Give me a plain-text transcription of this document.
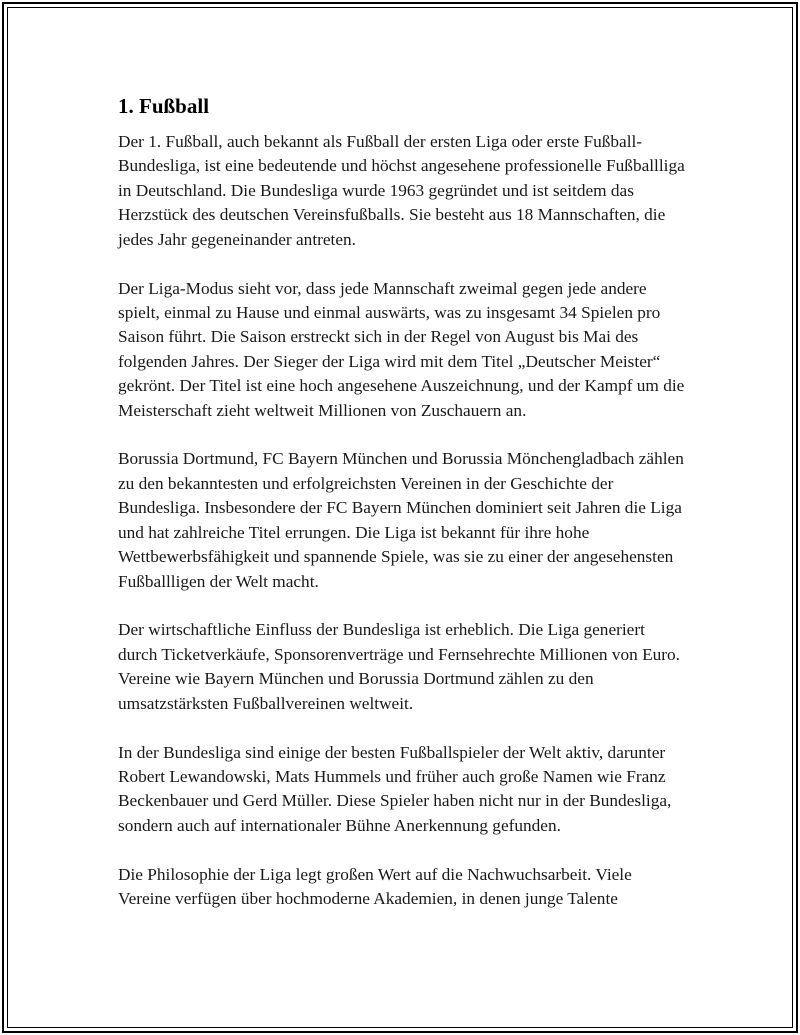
1. Fußball

Der 1. Fußball, auch bekannt als Fußball der ersten Liga oder erste Fußball-Bundesliga, ist eine bedeutende und höchst angesehene professionelle Fußballliga in Deutschland. Die Bundesliga wurde 1963 gegründet und ist seitdem das Herzstück des deutschen Vereinsfußballs. Sie besteht aus 18 Mannschaften, die jedes Jahr gegeneinander antreten.

Der Liga-Modus sieht vor, dass jede Mannschaft zweimal gegen jede andere spielt, einmal zu Hause und einmal auswärts, was zu insgesamt 34 Spielen pro Saison führt. Die Saison erstreckt sich in der Regel von August bis Mai des folgenden Jahres. Der Sieger der Liga wird mit dem Titel „Deutscher Meister“ gekrönt. Der Titel ist eine hoch angesehene Auszeichnung, und der Kampf um die Meisterschaft zieht weltweit Millionen von Zuschauern an.

Borussia Dortmund, FC Bayern München und Borussia Mönchengladbach zählen zu den bekanntesten und erfolgreichsten Vereinen in der Geschichte der Bundesliga. Insbesondere der FC Bayern München dominiert seit Jahren die Liga und hat zahlreiche Titel errungen. Die Liga ist bekannt für ihre hohe Wettbewerbsfähigkeit und spannende Spiele, was sie zu einer der angesehensten Fußballligen der Welt macht.

Der wirtschaftliche Einfluss der Bundesliga ist erheblich. Die Liga generiert durch Ticketverkäufe, Sponsorenverträge und Fernsehrechte Millionen von Euro. Vereine wie Bayern München und Borussia Dortmund zählen zu den umsatzstärksten Fußballvereinen weltweit.

In der Bundesliga sind einige der besten Fußballspieler der Welt aktiv, darunter Robert Lewandowski, Mats Hummels und früher auch große Namen wie Franz Beckenbauer und Gerd Müller. Diese Spieler haben nicht nur in der Bundesliga, sondern auch auf internationaler Bühne Anerkennung gefunden.

Die Philosophie der Liga legt großen Wert auf die Nachwuchsarbeit. Viele Vereine verfügen über hochmoderne Akademien, in denen junge Talente
